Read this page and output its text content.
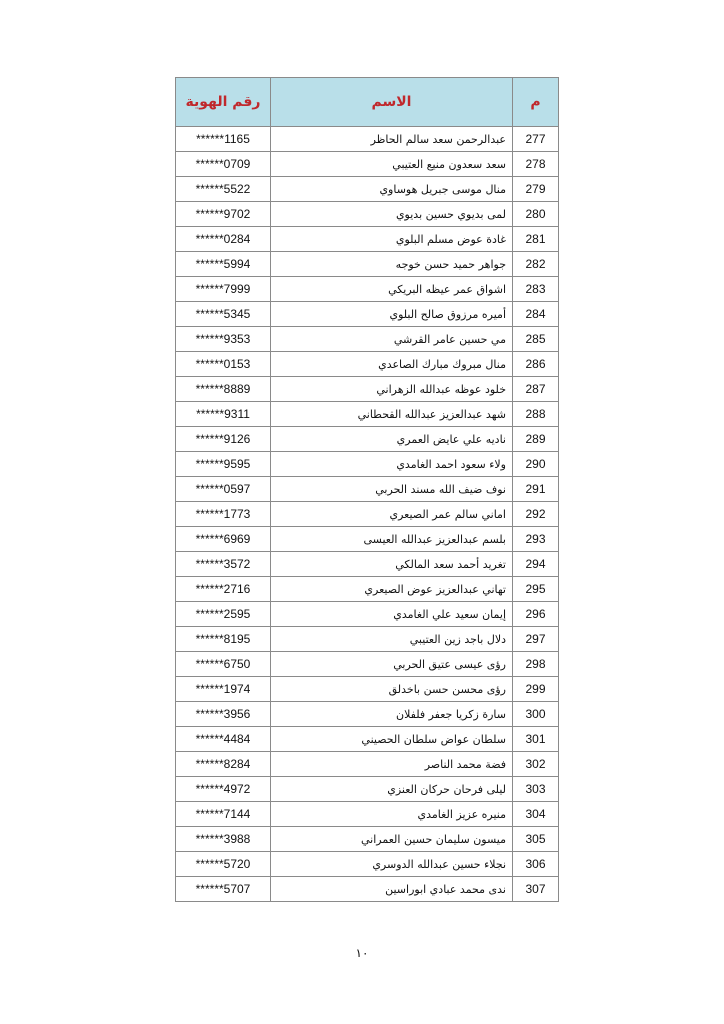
م	الاسم	رقم الهوية
277	عبدالرحمن سعد سالم الحاظر	******1165
278	سعد سعدون منيع العتيبي	******0709
279	منال موسى جبريل هوساوي	******5522
280	لمى بديوي حسين بديوي	******9702
281	غادة عوض مسلم البلوي	******0284
282	جواهر حميد حسن خوجه	******5994
283	اشواق عمر عيظه البريكي	******7999
284	أميره مرزوق صالح البلوي	******5345
285	مي حسين عامر القرشي	******9353
286	منال مبروك مبارك الصاعدي	******0153
287	خلود عوظه عبدالله الزهراني	******8889
288	شهد عبدالعزيز عبدالله القحطاني	******9311
289	ناديه علي عايض العمري	******9126
290	ولاء سعود احمد الغامدي	******9595
291	نوف ضيف الله مسند الحربي	******0597
292	اماني سالم عمر الصيعري	******1773
293	بلسم عبدالعزيز عبدالله العيسى	******6969
294	تغريد أحمد سعد المالكي	******3572
295	تهاني عبدالعزيز عوض الصيعري	******2716
296	إيمان سعيد علي الغامدي	******2595
297	دلال باجد زين العتيبي	******8195
298	رؤى عيسى عتيق الحربي	******6750
299	رؤى محسن حسن باخدلق	******1974
300	سارة زكريا جعفر فلفلان	******3956
301	سلطان عواض سلطان الحصيني	******4484
302	فضة محمد الناصر	******8284
303	ليلى فرحان حركان العنزي	******4972
304	منيره عزيز الغامدي	******7144
305	ميسون سليمان حسين العمراني	******3988
306	نجلاء حسين عبدالله الدوسري	******5720
307	ندى محمد عبادي ابوراسين	******5707
١٠
